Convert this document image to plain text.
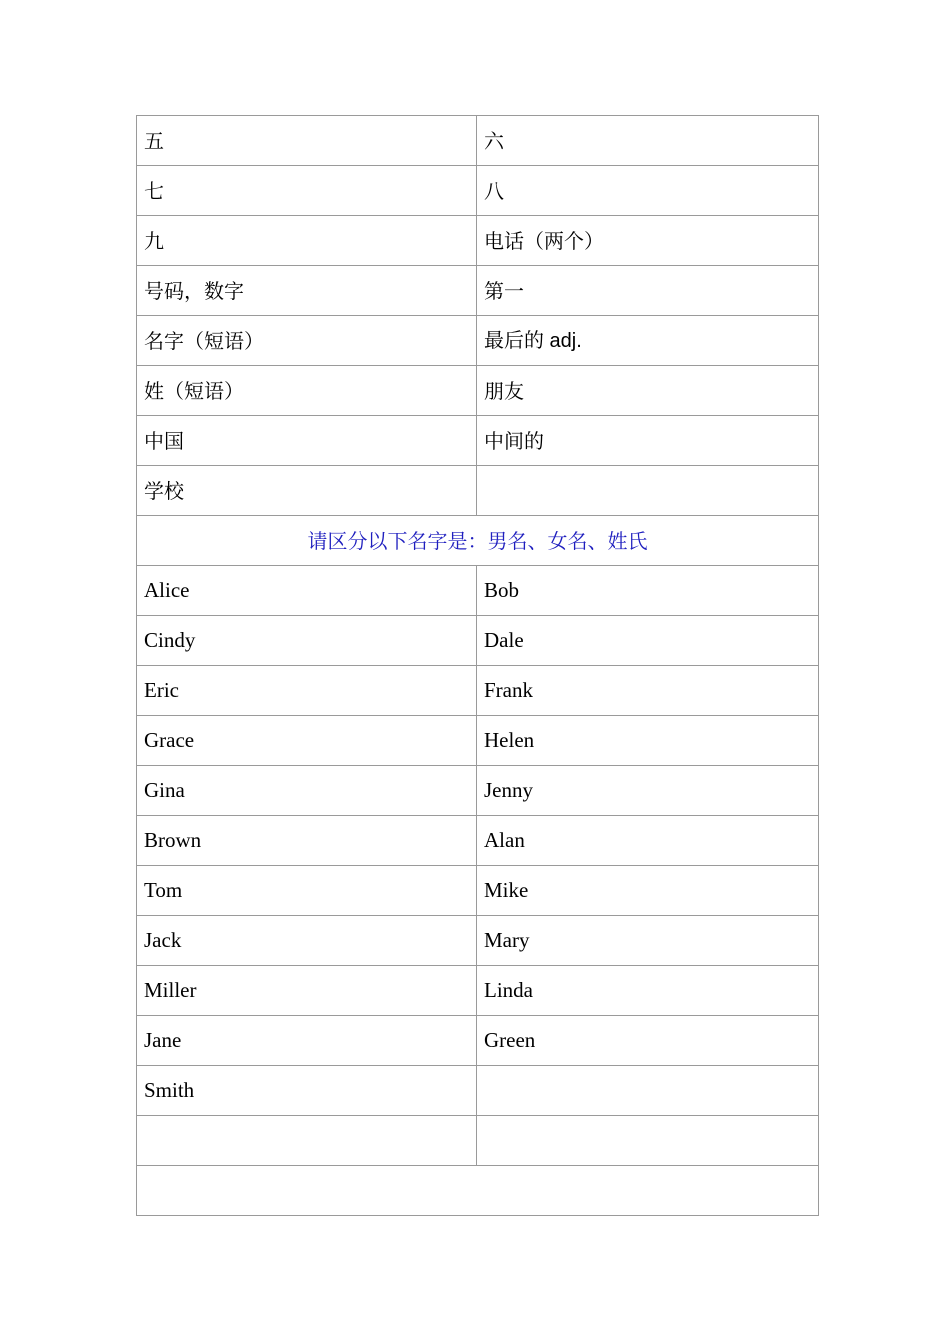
五	六
七	八
九	电话（两个）
号码，数字	第一
名字（短语）	最后的 adj.
姓（短语）	朋友
中国	中间的
学校	
请区分以下名字是：男名、女名、姓氏	
Alice	Bob
Cindy	Dale
Eric	Frank
Grace	Helen
Gina	Jenny
Brown	Alan
Tom	Mike
Jack	Mary
Miller	Linda
Jane	Green
Smith	
